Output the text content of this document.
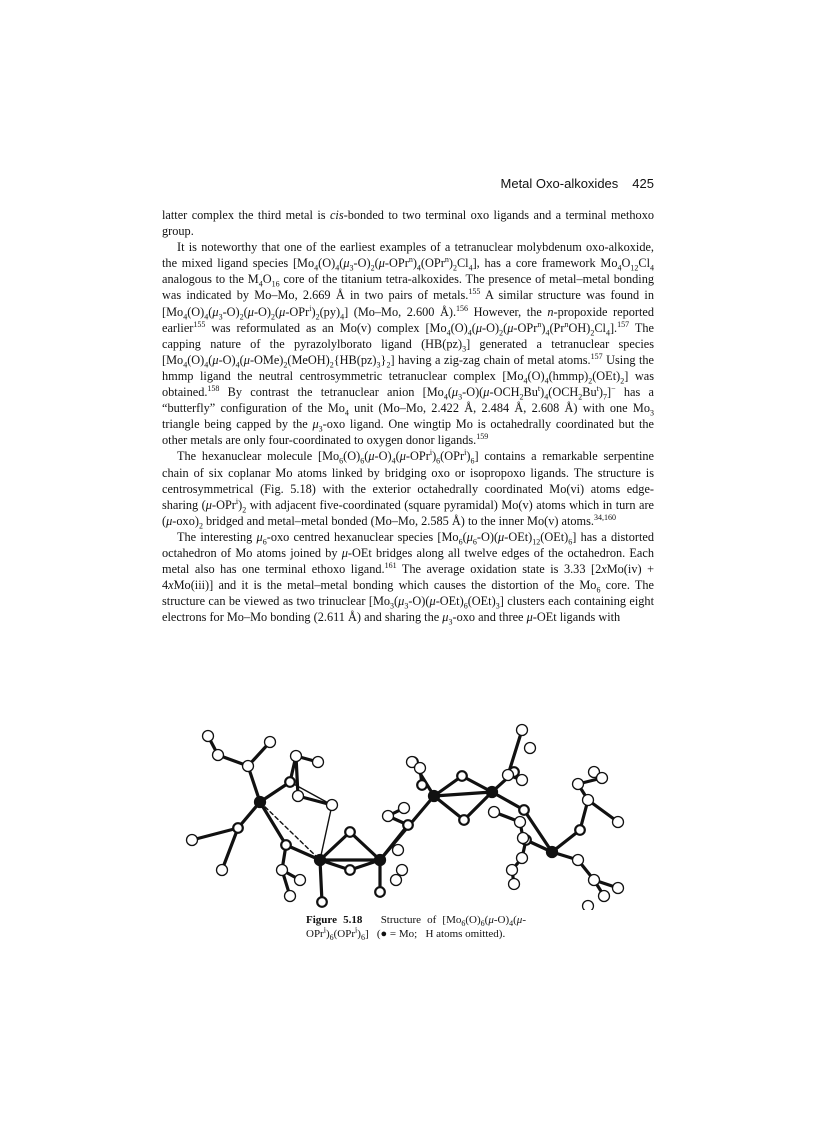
Metal Oxo-alkoxides 425

latter complex the third metal is cis-bonded to two terminal oxo ligands and a terminal methoxo group.

It is noteworthy that one of the earliest examples of a tetranuclear molybdenum oxo-alkoxide, the mixed ligand species $[Mo_4(O)_4(\mu_3-O)_2(\mu-OPr^n)_4(OPr^n)_2Cl_4]$, has a core framework $Mo_4O_{12}Cl_4$ analogous to the $M_4O_{16}$ core of the titanium tetra-alkoxides. The presence of metal–metal bonding was indicated by Mo–Mo, 2.669 Å in two pairs of metals.$^{155}$ A similar structure was found in $[Mo_4(O)_4(\mu_3-O)_2(\mu-O)_2(\mu-OPr^i)_2(py)_4]$ (Mo–Mo, 2.600 Å).$^{156}$ However, the n-propoxide reported earlier$^{155}$ was reformulated as an Mo(v) complex $[Mo_4(O)_4(\mu-O)_2(\mu-OPr^n)_4(Pr^nOH)_2Cl_4].^{157}$ The capping nature of the pyrazolylborato ligand $(HB(pz)_3]$ generated a tetranuclear species $[Mo_4(O)_4(\mu-O)_4(\mu-OMe)_2(MeOH)_2\{HB(pz)_3\}_2]$ having a zig-zag chain of metal atoms.$^{157}$ Using the hmmp ligand the neutral centrosymmetric tetranuclear complex $[Mo_4(O)_4(hmmp)_2(OEt)_2]$ was obtained.$^{158}$ By contrast the tetranuclear anion $[Mo_4(\mu_3-O)(\mu-OCH_2Bu^t)_4(OCH_2Bu^t)_7]^-$ has a “butterfly” configuration of the $Mo_4$ unit (Mo–Mo, 2.422 Å, 2.484 Å, 2.608 Å) with one $Mo_3$ triangle being capped by the $\mu_3$-oxo ligand. One wingtip Mo is octahedrally coordinated but the other metals are only four-coordinated to oxygen donor ligands.$^{159}$

The hexanuclear molecule $[Mo_6(O)_6(\mu-O)_4(\mu-OPr^i)_6(OPr^i)_6]$ contains a remarkable serpentine chain of six coplanar Mo atoms linked by bridging oxo or isopropoxo ligands. The structure is centrosymmetrical (Fig. 5.18) with the exterior octahedrally coordinated Mo(vi) atoms edge-sharing $(\mu-OPr^i)_2$ with adjacent five-coordinated (square pyramidal) Mo(v) atoms which in turn are $(\mu-oxo)_2$ bridged and metal–metal bonded (Mo–Mo, 2.585 Å) to the inner Mo(v) atoms.$^{34,160}$

The interesting $\mu_6$-oxo centred hexanuclear species $[Mo_6(\mu_6-O)(\mu-OEt)_{12}(OEt)_6]$ has a distorted octahedron of Mo atoms joined by μ-OEt bridges along all twelve edges of the octahedron. Each metal also has one terminal ethoxo ligand.$^{161}$ The average oxidation state is 3.33 [2xMo(iv) + 4xMo(iii)] and it is the metal–metal bonding which causes the distortion of the $Mo_6$ core. The structure can be viewed as two trinuclear $[Mo_3(\mu_3-O)(\mu-OEt)_6(OEt)_3]$ clusters each containing eight electrons for Mo–Mo bonding (2.611 Å) and sharing the $\mu_3$-oxo and three μ-OEt ligands with

Figure 5.18 Structure of $[Mo_6(O)_6(\mu-O)_4(\mu-OPr^i)_6(OPr^i)_6]$   (● = Mo;   H atoms omitted).
